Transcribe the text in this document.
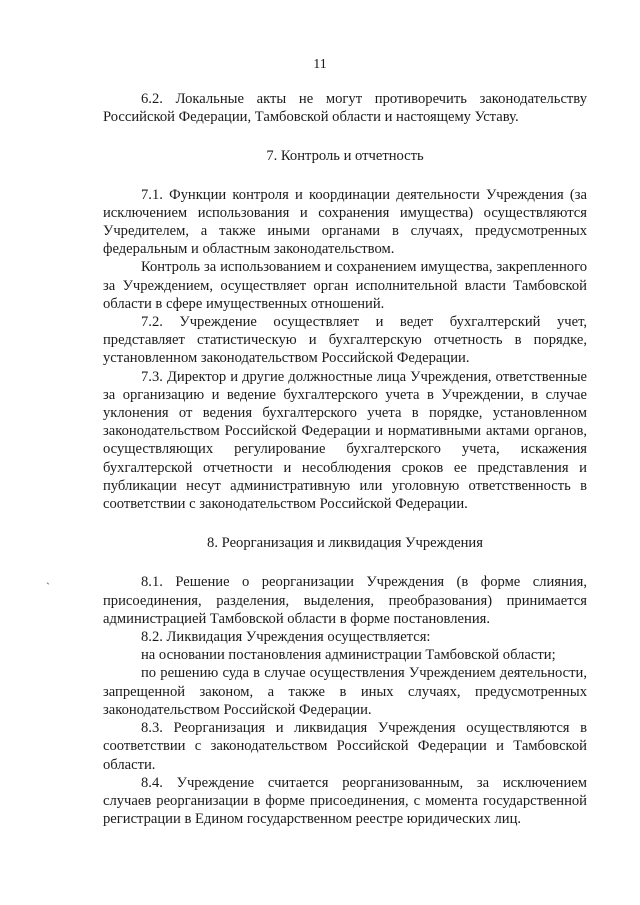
11
`

6.2. Локальные акты не могут противоречить законодательству Российской Федерации, Тамбовской области и настоящему Уставу.

7. Контроль и отчетность

7.1. Функции контроля и координации деятельности Учреждения (за исключением использования и сохранения имущества) осуществляются Учредителем, а также иными органами в случаях, предусмотренных федеральным и областным законодательством.

Контроль за использованием и сохранением имущества, закрепленного за Учреждением, осуществляет орган исполнительной власти Тамбовской области в сфере имущественных отношений.

7.2. Учреждение осуществляет и ведет бухгалтерский учет, представляет статистическую и бухгалтерскую отчетность в порядке, установленном законодательством Российской Федерации.

7.3. Директор и другие должностные лица Учреждения, ответственные за организацию и ведение бухгалтерского учета в Учреждении, в случае уклонения от ведения бухгалтерского учета в порядке, установленном законодательством Российской Федерации и нормативными актами органов, осуществляющих регулирование бухгалтерского учета, искажения бухгалтерской отчетности и несоблюдения сроков ее представления и публикации несут административную или уголовную ответственность в соответствии с законодательством Российской Федерации.

8. Реорганизация и ликвидация Учреждения

8.1. Решение о реорганизации Учреждения (в форме слияния, присоединения, разделения, выделения, преобразования) принимается администрацией Тамбовской области в форме постановления.

8.2. Ликвидация Учреждения осуществляется:

на основании постановления администрации Тамбовской области;

по решению суда в случае осуществления Учреждением деятельности, запрещенной законом, а также в иных случаях, предусмотренных законодательством Российской Федерации.

8.3. Реорганизация и ликвидация Учреждения осуществляются в соответствии с законодательством Российской Федерации и Тамбовской области.

8.4. Учреждение считается реорганизованным, за исключением случаев реорганизации в форме присоединения, с момента государственной регистрации в Едином государственном реестре юридических лиц.
